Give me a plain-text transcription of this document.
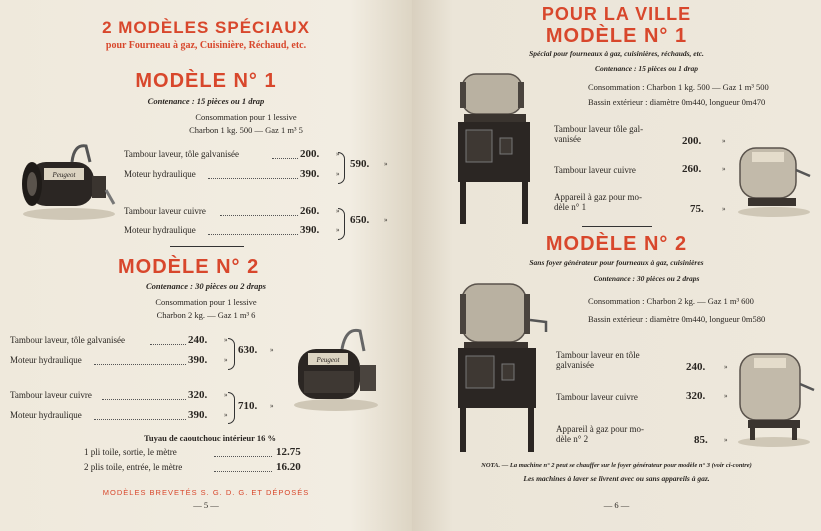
2 MODÈLES SPÉCIAUX
pour Fourneau à gaz, Cuisinière, Réchaud, etc.
MODÈLE N° 1
Contenance : 15 pièces ou 1 drap
Consommation pour 1 lessive
Charbon 1 kg. 500 — Gaz 1 m³ 5
Peugeot
Tambour laveur, tôle galvanisée	200. »
Moteur hydraulique	390. »
590. »
Tambour laveur cuivre	260. »
Moteur hydraulique	390. »
650. »
MODÈLE N° 2
Contenance : 30 pièces ou 2 draps
Consommation pour 1 lessive
Charbon 2 kg. — Gaz 1 m³ 6
Tambour laveur, tôle galvanisée	240. »
Moteur hydraulique	390. »
630. »
Tambour laveur cuivre	320. »
Moteur hydraulique	390. »
710. »
Peugeot
Tuyau de caoutchouc intérieur 16 %
1 pli toile, sortie, le mètre	12.75
2 plis toile, entrée, le mètre	16.20
MODÈLES BREVETÉS S. G. D. G. ET DÉPOSÉS
— 5 —
POUR LA VILLE
MODÈLE N° 1
Spécial pour fourneaux à gaz, cuisinières, réchauds, etc.
Contenance : 15 pièces ou 1 drap
Consommation : Charbon 1 kg. 500 — Gaz 1 m³ 500
Bassin extérieur : diamètre 0m440, longueur 0m470
Tambour laveur tôle gal-
vanisée	200.	»
Tambour laveur cuivre	260.	»
Appareil à gaz pour mo-
dèle n° 1	75.	»
MODÈLE N° 2
Sans foyer générateur pour fourneaux à gaz, cuisinières
Contenance : 30 pièces ou 2 draps
Consommation : Charbon 2 kg. — Gaz 1 m³ 600
Bassin extérieur : diamètre 0m440, longueur 0m580
Tambour laveur en tôle
galvanisée	240.	»
Tambour laveur cuivre	320.	»
Appareil à gaz pour mo-
dèle n° 2	85. »
NOTA. — La machine n° 2 peut se chauffer sur le foyer générateur pour modèle n° 3 (voir ci-contre)
Les machines à laver se livrent avec ou sans appareils à gaz.
— 6 —
